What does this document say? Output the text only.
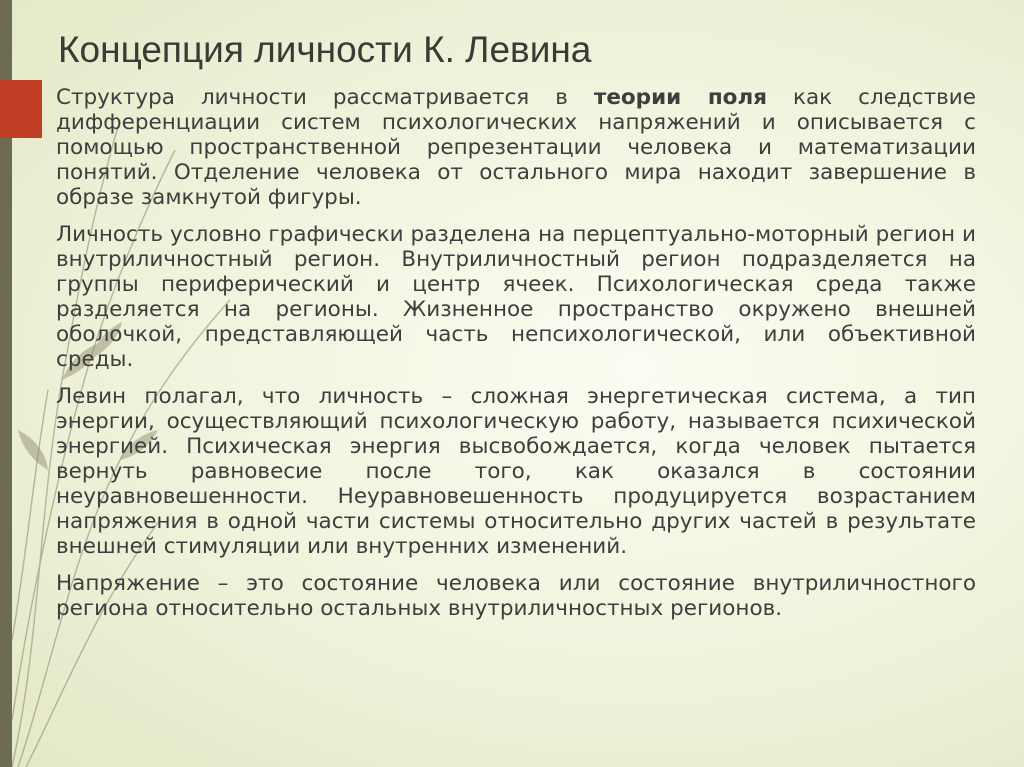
Концепция личности К. Левина

Структура личности рассматривается в теории поля как следствие дифференциации систем психологических напряжений и описывается с помощью пространственной репрезентации человека и математизации понятий. Отделение человека от остального мира находит завершение в образе замкнутой фигуры.

Личность условно графически разделена на перцептуально-моторный регион и внутриличностный регион. Внутриличностный регион подразделяется на группы периферический и центр ячеек. Психологическая среда также разделяется на регионы. Жизненное пространство окружено внешней оболочкой, представляющей часть непсихологической, или объективной среды.

Левин полагал, что личность – сложная энергетическая система, а тип энергии, осуществляющий психологическую работу, называется психической энергией. Психическая энергия высвобождается, когда человек пытается вернуть равновесие после того, как оказался в состоянии неуравновешенности. Неуравновешенность продуцируется возрастанием напряжения в одной части системы относительно других частей в результате внешней стимуляции или внутренних изменений.

Напряжение – это состояние человека или состояние внутриличностного региона относительно остальных внутриличностных регионов.
